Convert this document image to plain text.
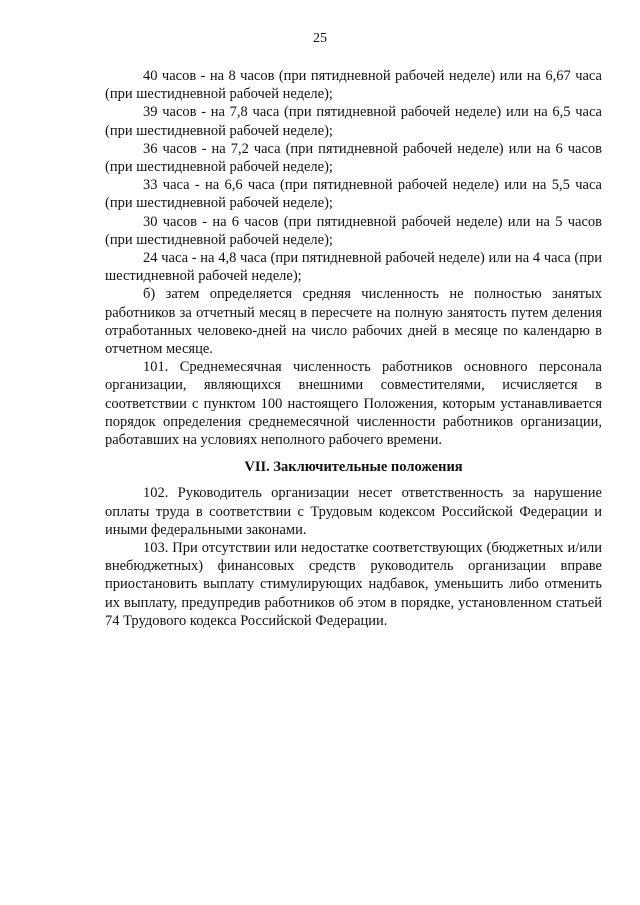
25

40 часов - на 8 часов (при пятидневной рабочей неделе) или на 6,67 часа (при шестидневной рабочей неделе);

39 часов - на 7,8 часа (при пятидневной рабочей неделе) или на 6,5 часа (при шестидневной рабочей неделе);

36 часов - на 7,2 часа (при пятидневной рабочей неделе) или на 6 часов (при шестидневной рабочей неделе);

33 часа - на 6,6 часа (при пятидневной рабочей неделе) или на 5,5 часа (при шестидневной рабочей неделе);

30 часов - на 6 часов (при пятидневной рабочей неделе) или на 5 часов (при шестидневной рабочей неделе);

24 часа - на 4,8 часа (при пятидневной рабочей неделе) или на 4 часа (при шестидневной рабочей неделе);

б) затем определяется средняя численность не полностью занятых работников за отчетный месяц в пересчете на полную занятость путем деления отработанных человеко-дней на число рабочих дней в месяце по календарю в отчетном месяце.

101. Среднемесячная численность работников основного персонала организации, являющихся внешними совместителями, исчисляется в соответствии с пунктом 100 настоящего Положения, которым устанавливается порядок определения среднемесячной численности работников организации, работавших на условиях неполного рабочего времени.

VII. Заключительные положения

102. Руководитель организации несет ответственность за нарушение оплаты труда в соответствии с Трудовым кодексом Российской Федерации и иными федеральными законами.

103. При отсутствии или недостатке соответствующих (бюджетных и/или внебюджетных) финансовых средств руководитель организации вправе приостановить выплату стимулирующих надбавок, уменьшить либо отменить их выплату, предупредив работников об этом в порядке, установленном статьей 74 Трудового кодекса Российской Федерации.
